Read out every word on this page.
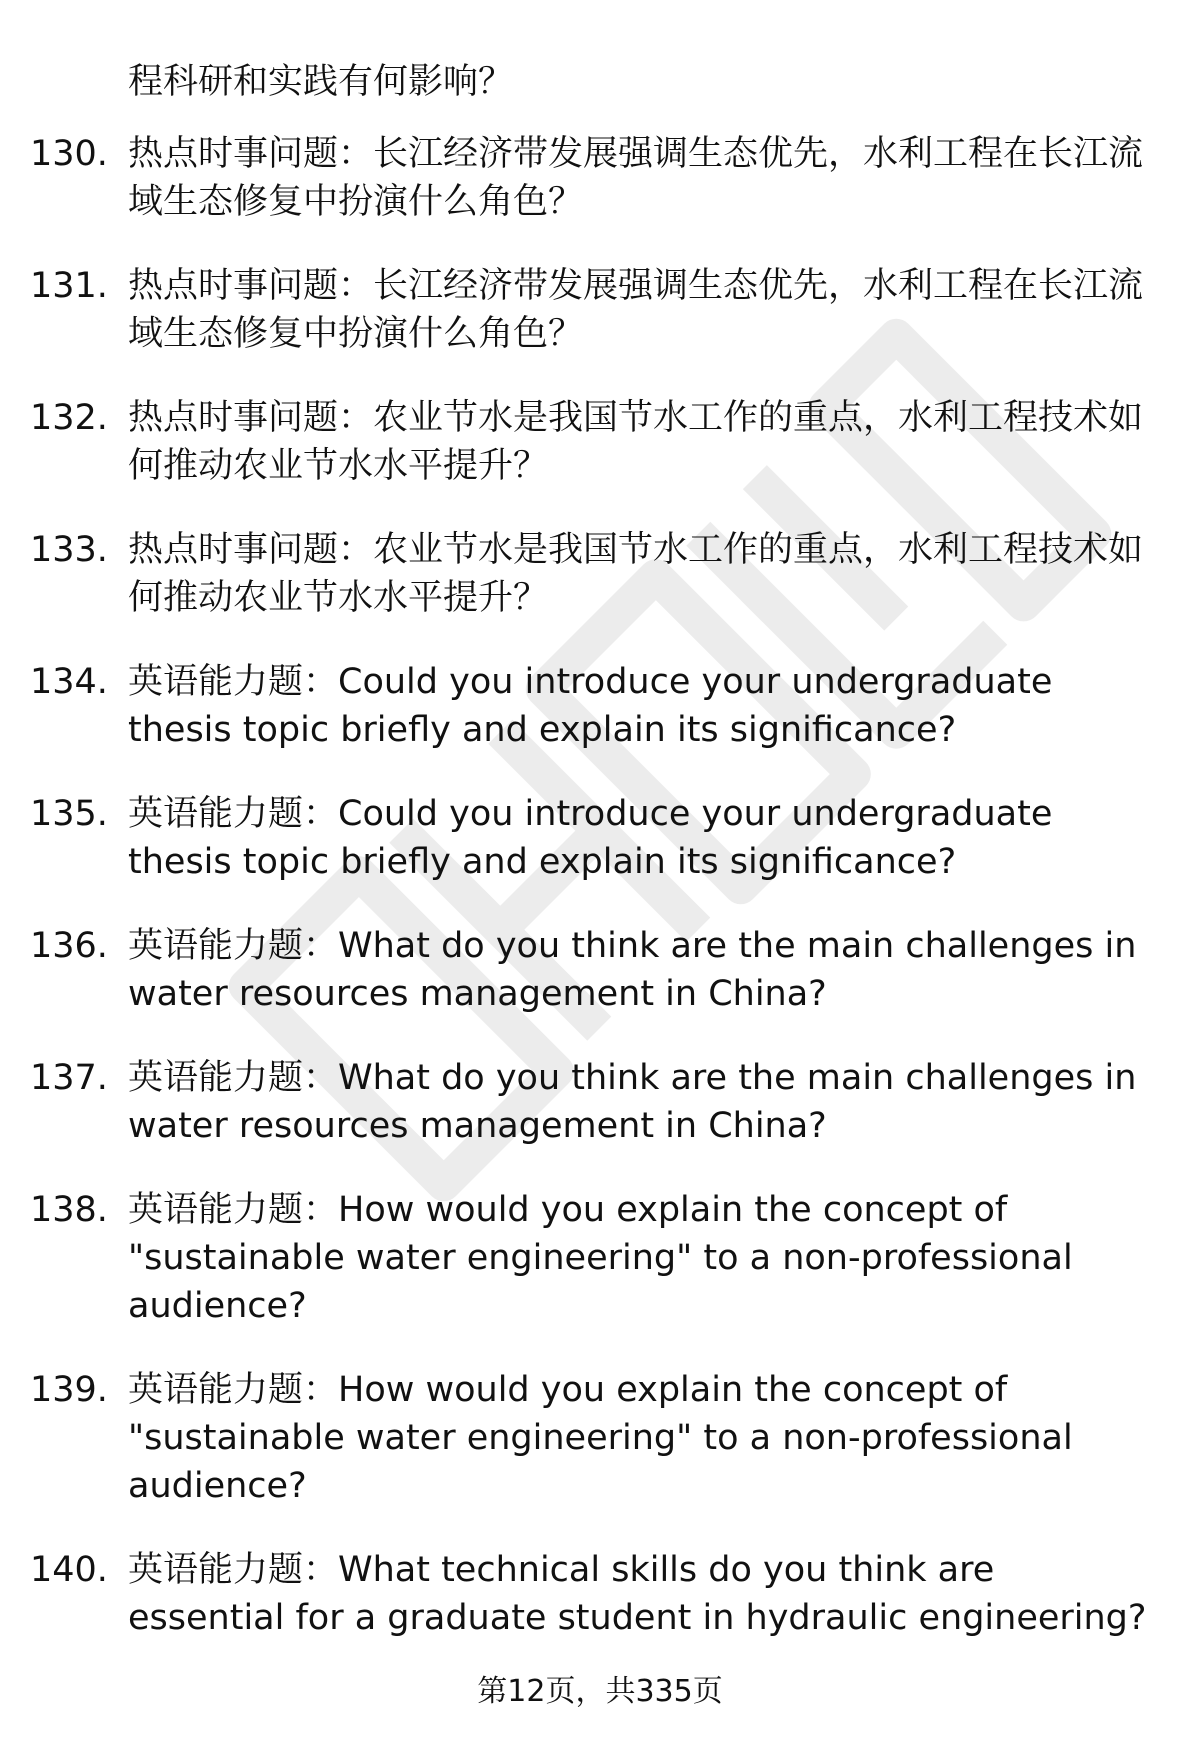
程科研和实践有何影响？
130. 热点时事问题：长江经济带发展强调生态优先，水利工程在长江流域生态修复中扮演什么角色？
131. 热点时事问题：长江经济带发展强调生态优先，水利工程在长江流域生态修复中扮演什么角色？
132. 热点时事问题：农业节水是我国节水工作的重点，水利工程技术如何推动农业节水水平提升？
133. 热点时事问题：农业节水是我国节水工作的重点，水利工程技术如何推动农业节水水平提升？
134. 英语能力题：Could you introduce your undergraduate thesis topic briefly and explain its significance?
135. 英语能力题：Could you introduce your undergraduate thesis topic briefly and explain its significance?
136. 英语能力题：What do you think are the main challenges in water resources management in China?
137. 英语能力题：What do you think are the main challenges in water resources management in China?
138. 英语能力题：How would you explain the concept of "sustainable water engineering" to a non-professional audience?
139. 英语能力题：How would you explain the concept of "sustainable water engineering" to a non-professional audience?
140. 英语能力题：What technical skills do you think are essential for a graduate student in hydraulic engineering?
第12页，共335页
